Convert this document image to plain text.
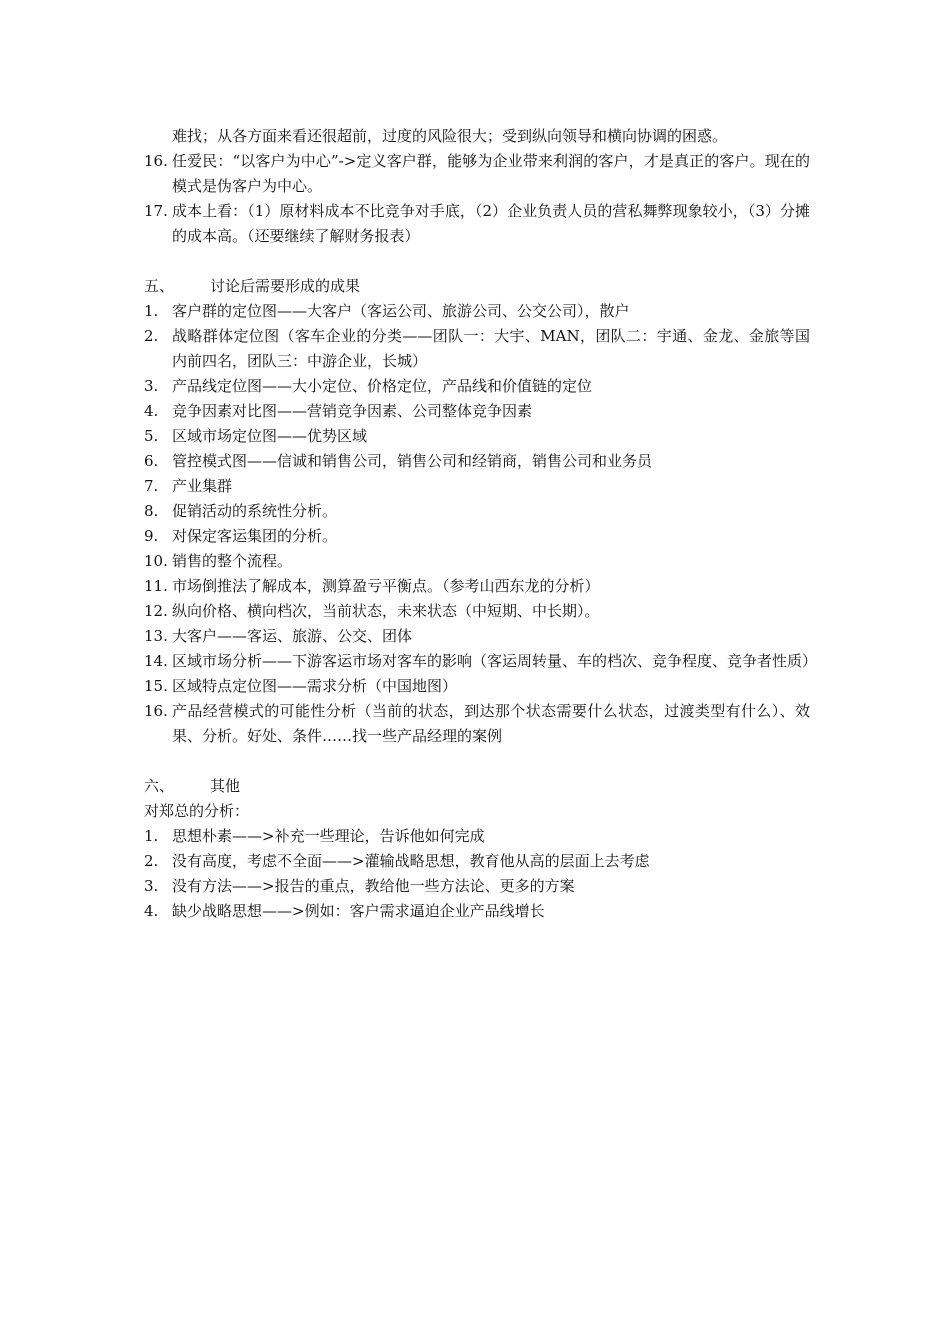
难找；从各方面来看还很超前，过度的风险很大；受到纵向领导和横向协调的困惑。

16. 任爱民：“以客户为中心”->定义客户群，能够为企业带来利润的客户，才是真正的客户。现在的模式是伪客户为中心。
17. 成本上看：（1）原材料成本不比竞争对手底，（2）企业负责人员的营私舞弊现象较小，（3）分摊的成本高。（还要继续了解财务报表）
五、	讨论后需要形成的成果
1. 客户群的定位图——大客户（客运公司、旅游公司、公交公司），散户
2. 战略群体定位图（客车企业的分类——团队一：大宇、MAN，团队二：宇通、金龙、金旅等国内前四名，团队三：中游企业，长城）
3. 产品线定位图——大小定位、价格定位，产品线和价值链的定位
4. 竞争因素对比图——营销竞争因素、公司整体竞争因素
5. 区域市场定位图——优势区域
6. 管控模式图——信诚和销售公司，销售公司和经销商，销售公司和业务员
7. 产业集群
8. 促销活动的系统性分析。
9. 对保定客运集团的分析。
10. 销售的整个流程。
11. 市场倒推法了解成本，测算盈亏平衡点。（参考山西东龙的分析）
12. 纵向价格、横向档次，当前状态，未来状态（中短期、中长期）。
13. 大客户——客运、旅游、公交、团体
14. 区域市场分析——下游客运市场对客车的影响（客运周转量、车的档次、竞争程度、竞争者性质）
15. 区域特点定位图——需求分析（中国地图）
16. 产品经营模式的可能性分析（当前的状态，到达那个状态需要什么状态，过渡类型有什么）、效果、分析。好处、条件……找一些产品经理的案例
六、	其他

对郑总的分析：

1. 思想朴素——>补充一些理论，告诉他如何完成
2. 没有高度，考虑不全面——>灌输战略思想，教育他从高的层面上去考虑
3. 没有方法——>报告的重点，教给他一些方法论、更多的方案
4. 缺少战略思想——>例如：客户需求逼迫企业产品线增长
